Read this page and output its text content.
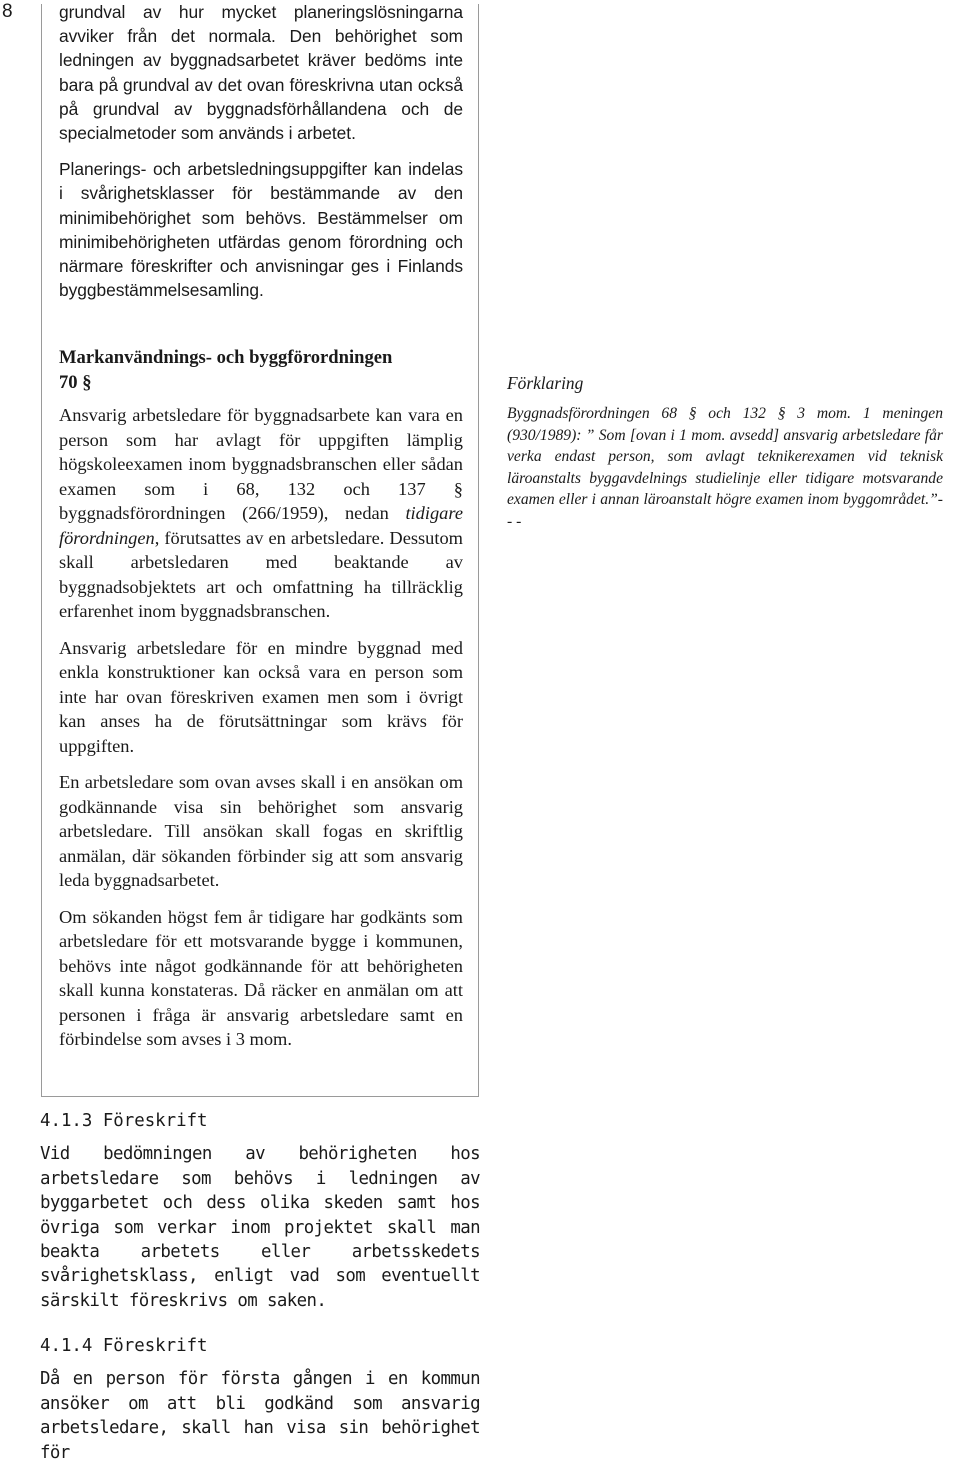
8	grundval av hur mycket planeringslösningarna avviker från det normala. Den behörighet som ledningen av byggnadsarbetet kräver bedöms inte bara på grundval av det ovan föreskrivna utan också på grundval av byggnadsförhållandena och de specialmetoder som används i arbetet.

Planerings- och arbetsledningsuppgifter kan indelas i svårighetsklasser för bestämmande av den minimibehörighet som behövs. Bestämmelser om minimibehörigheten utfärdas genom förordning och närmare föreskrifter och anvisningar ges i Finlands byggbestämmelsesamling.

Markanvändnings- och byggförordningen
70 §

Ansvarig arbetsledare för byggnadsarbete kan vara en person som har avlagt för uppgiften lämplig högskoleexamen inom byggnadsbranschen eller sådan examen som i 68, 132 och 137 § byggnadsförordningen (266/1959), nedan tidigare förordningen, förutsattes av en arbetsledare. Dessutom skall arbetsledaren med beaktande av byggnadsobjektets art och omfattning ha tillräcklig erfarenhet inom byggnadsbranschen.

Ansvarig arbetsledare för en mindre byggnad med enkla konstruktioner kan också vara en person som inte har ovan föreskriven examen men som i övrigt kan anses ha de förutsättningar som krävs för uppgiften.

En arbetsledare som ovan avses skall i en ansökan om godkännande visa sin behörighet som ansvarig arbetsledare. Till ansökan skall fogas en skriftlig anmälan, där sökanden förbinder sig att som ansvarig leda byggnadsarbetet.

Om sökanden högst fem år tidigare har godkänts som arbetsledare för ett motsvarande bygge i kommunen, behövs inte något godkännande för att behörigheten skall kunna konstateras. Då räcker en anmälan om att personen i fråga är ansvarig arbetsledare samt en förbindelse som avses i 3 mom.

Förklaring
Byggnadsförordningen 68 § och 132 § 3 mom. 1 meningen (930/1989): ” Som [ovan i 1 mom. avsedd] ansvarig arbetsledare får verka endast person, som avlagt teknikerexamen vid teknisk läroanstalts byggavdelnings studielinje eller tidigare motsvarande examen eller i annan läroanstalt högre examen inom byggområdet.”- - -
4.1.3 Föreskrift
Vid bedömningen av behörigheten hos arbetsledare som behövs i ledningen av byggarbetet och dess olika skeden samt hos övriga som verkar inom projektet skall man beakta arbetets eller arbetsskedets svårighetsklass, enligt vad som eventuellt särskilt föreskrivs om saken.
4.1.4 Föreskrift
Då en person för första gången i en kommun ansöker om att bli godkänd som ansvarig arbetsledare, skall han visa sin behörighet för
